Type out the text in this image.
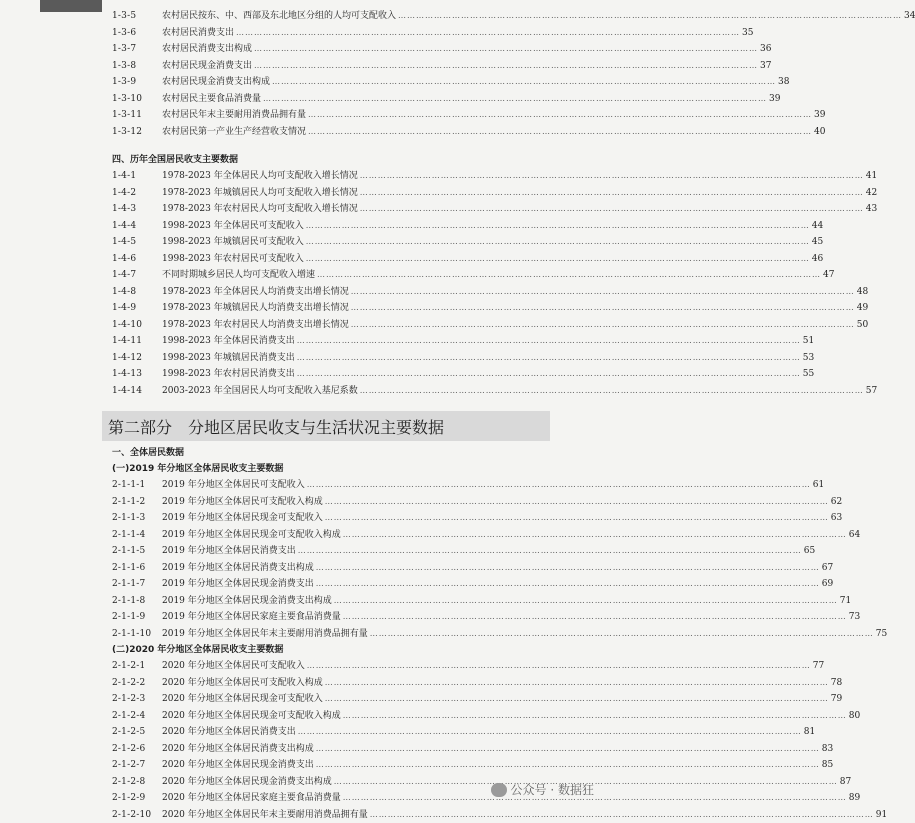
1-3-5	农村居民按东、中、西部及东北地区分组的人均可支配收入 ……………………………………………………………………………………………………………………………………………………	34
1-3-6	农村居民消费支出 ……………………………………………………………………………………………………………………………………………………	35
1-3-7	农村居民消费支出构成 ……………………………………………………………………………………………………………………………………………………	36
1-3-8	农村居民现金消费支出 ……………………………………………………………………………………………………………………………………………………	37
1-3-9	农村居民现金消费支出构成 ……………………………………………………………………………………………………………………………………………………	38
1-3-10	农村居民主要食品消费量 ……………………………………………………………………………………………………………………………………………………	39
1-3-11	农村居民年末主要耐用消费品拥有量 ……………………………………………………………………………………………………………………………………………………	39
1-3-12	农村居民第一产业生产经营收支情况 ……………………………………………………………………………………………………………………………………………………	40
四、历年全国居民收支主要数据
1-4-1	1978-2023 年全体居民人均可支配收入增长情况 ……………………………………………………………………………………………………………………………………………………	41
1-4-2	1978-2023 年城镇居民人均可支配收入增长情况 ……………………………………………………………………………………………………………………………………………………	42
1-4-3	1978-2023 年农村居民人均可支配收入增长情况 ……………………………………………………………………………………………………………………………………………………	43
1-4-4	1998-2023 年全体居民可支配收入 ……………………………………………………………………………………………………………………………………………………	44
1-4-5	1998-2023 年城镇居民可支配收入 ……………………………………………………………………………………………………………………………………………………	45
1-4-6	1998-2023 年农村居民可支配收入 ……………………………………………………………………………………………………………………………………………………	46
1-4-7	不同时期城乡居民人均可支配收入增速 ……………………………………………………………………………………………………………………………………………………	47
1-4-8	1978-2023 年全体居民人均消费支出增长情况 ……………………………………………………………………………………………………………………………………………………	48
1-4-9	1978-2023 年城镇居民人均消费支出增长情况 ……………………………………………………………………………………………………………………………………………………	49
1-4-10	1978-2023 年农村居民人均消费支出增长情况 ……………………………………………………………………………………………………………………………………………………	50
1-4-11	1998-2023 年全体居民消费支出 ……………………………………………………………………………………………………………………………………………………	51
1-4-12	1998-2023 年城镇居民消费支出 ……………………………………………………………………………………………………………………………………………………	53
1-4-13	1998-2023 年农村居民消费支出 ……………………………………………………………………………………………………………………………………………………	55
1-4-14	2003-2023 年全国居民人均可支配收入基尼系数 ……………………………………………………………………………………………………………………………………………………	57
第二部分　分地区居民收支与生活状况主要数据
一、全体居民数据
(一)2019 年分地区全体居民收支主要数据
2-1-1-1	2019 年分地区全体居民可支配收入 ……………………………………………………………………………………………………………………………………………………	61
2-1-1-2	2019 年分地区全体居民可支配收入构成 ……………………………………………………………………………………………………………………………………………………	62
2-1-1-3	2019 年分地区全体居民现金可支配收入 ……………………………………………………………………………………………………………………………………………………	63
2-1-1-4	2019 年分地区全体居民现金可支配收入构成 ……………………………………………………………………………………………………………………………………………………	64
2-1-1-5	2019 年分地区全体居民消费支出 ……………………………………………………………………………………………………………………………………………………	65
2-1-1-6	2019 年分地区全体居民消费支出构成 ……………………………………………………………………………………………………………………………………………………	67
2-1-1-7	2019 年分地区全体居民现金消费支出 ……………………………………………………………………………………………………………………………………………………	69
2-1-1-8	2019 年分地区全体居民现金消费支出构成 ……………………………………………………………………………………………………………………………………………………	71
2-1-1-9	2019 年分地区全体居民家庭主要食品消费量 ……………………………………………………………………………………………………………………………………………………	73
2-1-1-10	2019 年分地区全体居民年末主要耐用消费品拥有量 ……………………………………………………………………………………………………………………………………………………	75
(二)2020 年分地区全体居民收支主要数据
2-1-2-1	2020 年分地区全体居民可支配收入 ……………………………………………………………………………………………………………………………………………………	77
2-1-2-2	2020 年分地区全体居民可支配收入构成 ……………………………………………………………………………………………………………………………………………………	78
2-1-2-3	2020 年分地区全体居民现金可支配收入 ……………………………………………………………………………………………………………………………………………………	79
2-1-2-4	2020 年分地区全体居民现金可支配收入构成 ……………………………………………………………………………………………………………………………………………………	80
2-1-2-5	2020 年分地区全体居民消费支出 ……………………………………………………………………………………………………………………………………………………	81
2-1-2-6	2020 年分地区全体居民消费支出构成 ……………………………………………………………………………………………………………………………………………………	83
2-1-2-7	2020 年分地区全体居民现金消费支出 ……………………………………………………………………………………………………………………………………………………	85
2-1-2-8	2020 年分地区全体居民现金消费支出构成 ……………………………………………………………………………………………………………………………………………………	87
2-1-2-9	2020 年分地区全体居民家庭主要食品消费量 ……………………………………………………………………………………………………………………………………………………	89
2-1-2-10	2020 年分地区全体居民年末主要耐用消费品拥有量 ……………………………………………………………………………………………………………………………………………………	91
公众号 · 数据狂
